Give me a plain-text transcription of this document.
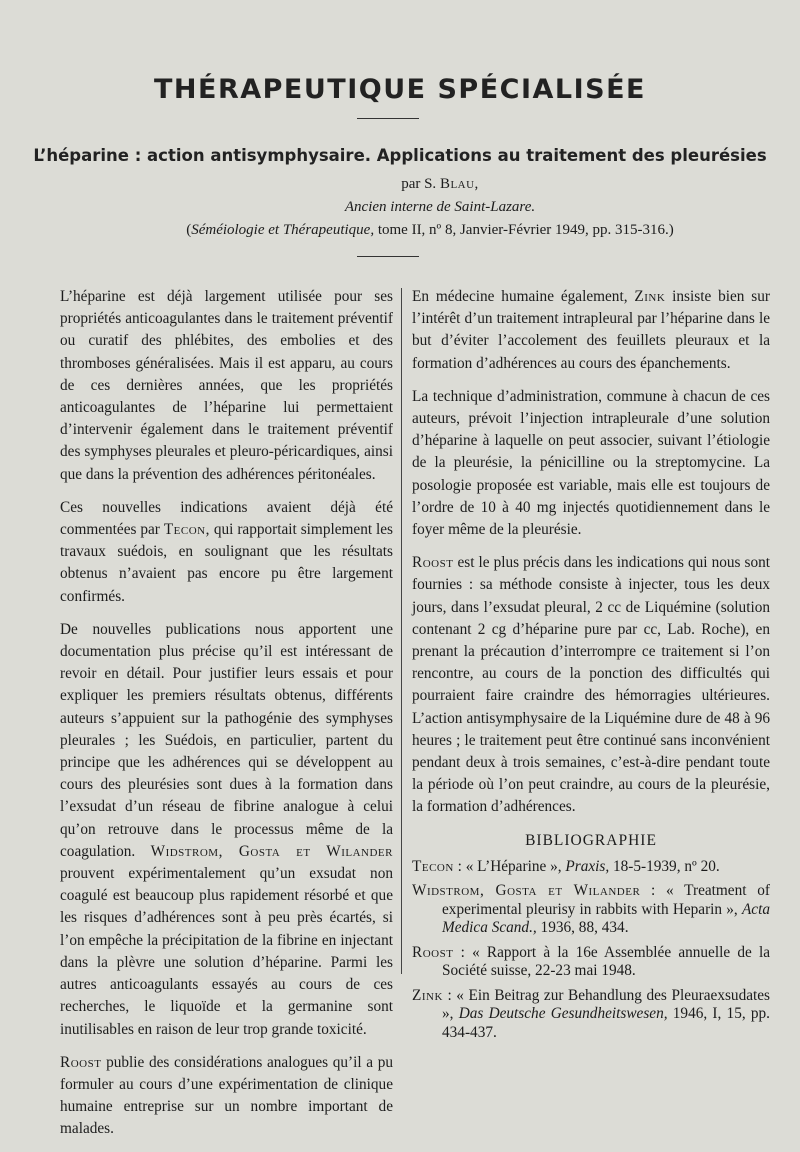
THÉRAPEUTIQUE SPÉCIALISÉE
L’héparine : action antisymphysaire. Applications au traitement des pleurésies
par S. Blau,
Ancien interne de Saint-Lazare.
(Séméiologie et Thérapeutique, tome II, nº 8, Janvier-Février 1949, pp. 315-316.)

L’héparine est déjà largement utilisée pour ses propriétés anticoagulantes dans le traitement préventif ou curatif des phlébites, des embolies et des thromboses généralisées. Mais il est apparu, au cours de ces dernières années, que les propriétés anticoagulantes de l’héparine lui permettaient d’intervenir également dans le traitement préventif des symphyses pleurales et pleuro-péricardiques, ainsi que dans la prévention des adhérences péritonéales.

Ces nouvelles indications avaient déjà été commentées par Tecon, qui rapportait simplement les travaux suédois, en soulignant que les résultats obtenus n’avaient pas encore pu être largement confirmés.

De nouvelles publications nous apportent une documentation plus précise qu’il est intéressant de revoir en détail. Pour justifier leurs essais et pour expliquer les premiers résultats obtenus, différents auteurs s’appuient sur la pathogénie des symphyses pleurales ; les Suédois, en particulier, partent du principe que les adhérences qui se développent au cours des pleurésies sont dues à la formation dans l’exsudat d’un réseau de fibrine analogue à celui qu’on retrouve dans le processus même de la coagulation. Widstrom, Gosta et Wilander prouvent expérimentalement qu’un exsudat non coagulé est beaucoup plus rapidement résorbé et que les risques d’adhérences sont à peu près écartés, si l’on empêche la précipitation de la fibrine en injectant dans la plèvre une solution d’héparine. Parmi les autres anticoagulants essayés au cours de ces recherches, le liquoïde et la germanine sont inutilisables en raison de leur trop grande toxicité.

Roost publie des considérations analogues qu’il a pu formuler au cours d’une expérimentation de clinique humaine entreprise sur un nombre important de malades.

En médecine humaine également, Zink insiste bien sur l’intérêt d’un traitement intrapleural par l’héparine dans le but d’éviter l’accolement des feuillets pleuraux et la formation d’adhérences au cours des épanchements.

La technique d’administration, commune à chacun de ces auteurs, prévoit l’injection intrapleurale d’une solution d’héparine à laquelle on peut associer, suivant l’étiologie de la pleurésie, la pénicilline ou la streptomycine. La posologie proposée est variable, mais elle est toujours de l’ordre de 10 à 40 mg injectés quotidiennement dans le foyer même de la pleurésie.

Roost est le plus précis dans les indications qui nous sont fournies : sa méthode consiste à injecter, tous les deux jours, dans l’exsudat pleural, 2 cc de Liquémine (solution contenant 2 cg d’héparine pure par cc, Lab. Roche), en prenant la précaution d’interrompre ce traitement si l’on rencontre, au cours de la ponction des difficultés qui pourraient faire craindre des hémorragies ultérieures. L’action antisymphysaire de la Liquémine dure de 48 à 96 heures ; le traitement peut être continué sans inconvénient pendant deux à trois semaines, c’est-à-dire pendant toute la période où l’on peut craindre, au cours de la pleurésie, la formation d’adhérences.

BIBLIOGRAPHIE
Tecon : « L’Héparine », Praxis, 18-5-1939, nº 20.
Widstrom, Gosta et Wilander : « Treatment of experimental pleurisy in rabbits with Heparin », Acta Medica Scand., 1936, 88, 434.
Roost : « Rapport à la 16e Assemblée annuelle de la Société suisse, 22-23 mai 1948.
Zink : « Ein Beitrag zur Behandlung des Pleuraexsudates », Das Deutsche Gesundheitswesen, 1946, I, 15, pp. 434-437.
